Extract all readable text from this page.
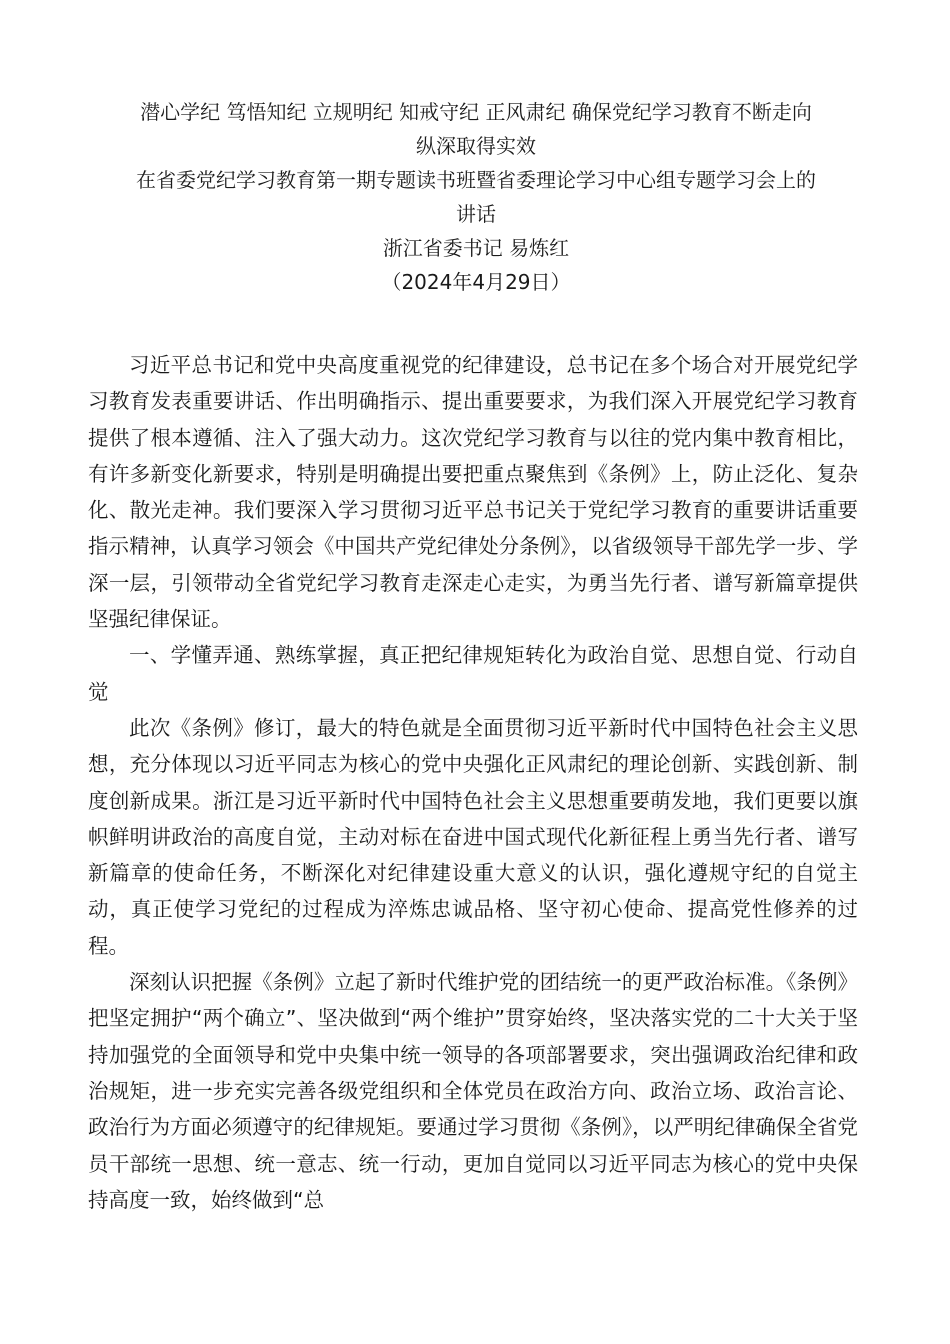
潜心学纪 笃悟知纪 立规明纪 知戒守纪 正风肃纪 确保党纪学习教育不断走向
纵深取得实效
在省委党纪学习教育第一期专题读书班暨省委理论学习中心组专题学习会上的
讲话
浙江省委书记 易炼红
（2024年4月29日）

习近平总书记和党中央高度重视党的纪律建设，总书记在多个场合对开展党纪学习教育发表重要讲话、作出明确指示、提出重要要求，为我们深入开展党纪学习教育提供了根本遵循、注入了强大动力。这次党纪学习教育与以往的党内集中教育相比，有许多新变化新要求，特别是明确提出要把重点聚焦到《条例》上，防止泛化、复杂化、散光走神。我们要深入学习贯彻习近平总书记关于党纪学习教育的重要讲话重要指示精神，认真学习领会《中国共产党纪律处分条例》，以省级领导干部先学一步、学深一层，引领带动全省党纪学习教育走深走心走实，为勇当先行者、谱写新篇章提供坚强纪律保证。

一、学懂弄通、熟练掌握，真正把纪律规矩转化为政治自觉、思想自觉、行动自觉

此次《条例》修订，最大的特色就是全面贯彻习近平新时代中国特色社会主义思想，充分体现以习近平同志为核心的党中央强化正风肃纪的理论创新、实践创新、制度创新成果。浙江是习近平新时代中国特色社会主义思想重要萌发地，我们更要以旗帜鲜明讲政治的高度自觉，主动对标在奋进中国式现代化新征程上勇当先行者、谱写新篇章的使命任务，不断深化对纪律建设重大意义的认识，强化遵规守纪的自觉主动，真正使学习党纪的过程成为淬炼忠诚品格、坚守初心使命、提高党性修养的过程。

深刻认识把握《条例》立起了新时代维护党的团结统一的更严政治标准。《条例》把坚定拥护“两个确立”、坚决做到“两个维护”贯穿始终，坚决落实党的二十大关于坚持加强党的全面领导和党中央集中统一领导的各项部署要求，突出强调政治纪律和政治规矩，进一步充实完善各级党组织和全体党员在政治方向、政治立场、政治言论、政治行为方面必须遵守的纪律规矩。要通过学习贯彻《条例》，以严明纪律确保全省党员干部统一思想、统一意志、统一行动，更加自觉同以习近平同志为核心的党中央保持高度一致，始终做到“总
